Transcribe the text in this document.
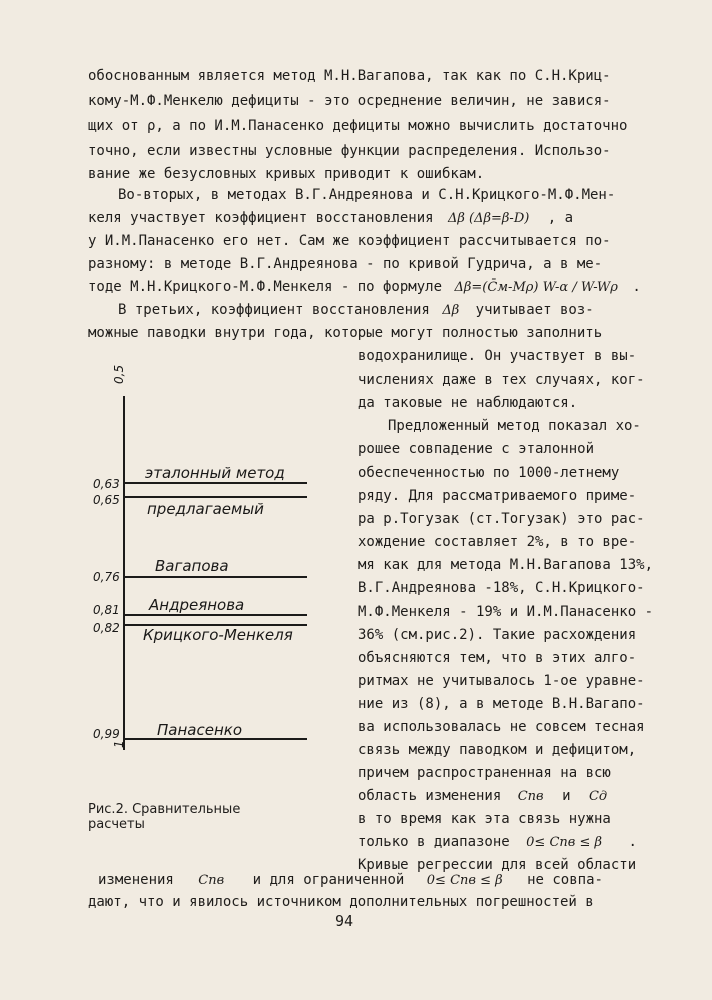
обоснованным является метод М.Н.Вагапова, так как по С.Н.Криц-

кому-М.Ф.Менкелю дефициты - это осреднение величин, не завися-

щих от ρ, а по И.М.Панасенко дефициты можно вычислить достаточно

точно, если известны условные функции распределения. Использо-

вание же безусловных кривых приводит к ошибкам.

Во-вторых, в методах В.Г.Андреянова и С.Н.Крицкого-М.Ф.Мен-

келя участвует коэффициент восстановления Δβ (Δβ=β-D) , а

у И.М.Панасенко его нет. Сам же коэффициент рассчитывается по-

разному: в методе В.Г.Андреянова - по кривой Гудрича, а в ме-

тоде М.Н.Крицкого-М.Ф.Менкеля - по формуле Δβ=(C̄м-Mρ) W-α / W-Wρ .

В третьих, коэффициент восстановления Δβ учитывает воз-

можные паводки внутри года, которые могут полностью заполнить

водохранилище. Он участвует в вы-

числениях даже в тех случаях, ког-

да таковые не наблюдаются.

Предложенный метод показал хо-

рошее совпадение с эталонной

обеспеченностью по 1000-летнему

ряду. Для рассматриваемого приме-

ра р.Тогузак (ст.Тогузак) это рас-

хождение составляет 2%, в то вре-

мя как для метода М.Н.Вагапова 13%,

В.Г.Андреянова -18%, С.Н.Крицкого-

М.Ф.Менкеля - 19% и И.М.Панасенко -

36% (см.рис.2). Такие расхождения

объясняются тем, что в этих алго-

ритмах не учитывалось 1-ое уравне-

ние из (8), а в методе В.Н.Вагапо-

ва использовалась не совсем тесная

связь между паводком и дефицитом,

причем распространенная на всю

область изменения Cпв и Cд

в то время как эта связь нужна

только в диапазоне 0≤ Cпв ≤ β .

Кривые регрессии для всей области

изменения Cпв и для ограниченной 0≤ Cпв ≤ β не совпа-

дают, что и явилось источником дополнительных погрешностей в

0,5
1
0,63
0,65
0,76
0,81
0,82
0,99
эталонный метод
предлагаемый
Вагапова
Андреянова
Крицкого-Менкеля
Панасенко
Рис.2. Сравнительные
расчеты
94
